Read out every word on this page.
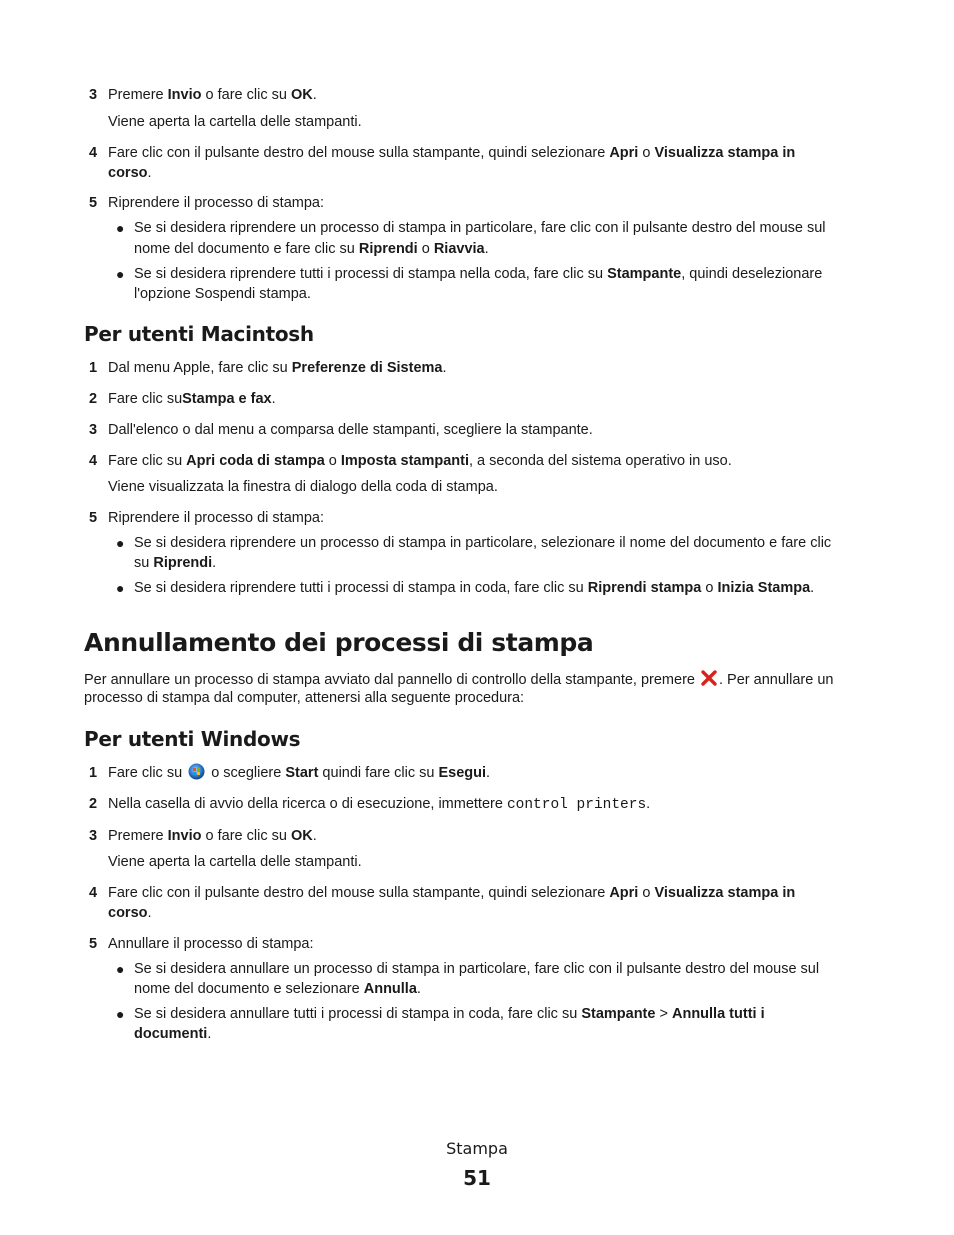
3 Premere Invio o fare clic su OK.
Viene aperta la cartella delle stampanti.
4 Fare clic con il pulsante destro del mouse sulla stampante, quindi selezionare Apri o Visualizza stampa in
corso.
5 Riprendere il processo di stampa:
● Se si desidera riprendere un processo di stampa in particolare, fare clic con il pulsante destro del mouse sul
nome del documento e fare clic su Riprendi o Riavvia.
● Se si desidera riprendere tutti i processi di stampa nella coda, fare clic su Stampante, quindi deselezionare
l'opzione Sospendi stampa.
Per utenti Macintosh
1 Dal menu Apple, fare clic su Preferenze di Sistema.
2 Fare clic suStampa e fax.
3 Dall'elenco o dal menu a comparsa delle stampanti, scegliere la stampante.
4 Fare clic su Apri coda di stampa o Imposta stampanti, a seconda del sistema operativo in uso.
Viene visualizzata la finestra di dialogo della coda di stampa.
5 Riprendere il processo di stampa:
● Se si desidera riprendere un processo di stampa in particolare, selezionare il nome del documento e fare clic
su Riprendi.
● Se si desidera riprendere tutti i processi di stampa in coda, fare clic su Riprendi stampa o Inizia Stampa.
Annullamento dei processi di stampa
Per annullare un processo di stampa avviato dal pannello di controllo della stampante, premere . Per annullare un
processo di stampa dal computer, attenersi alla seguente procedura:
Per utenti Windows
1 Fare clic su  o scegliere Start quindi fare clic su Esegui.
2 Nella casella di avvio della ricerca o di esecuzione, immettere control printers.
3 Premere Invio o fare clic su OK.
Viene aperta la cartella delle stampanti.
4 Fare clic con il pulsante destro del mouse sulla stampante, quindi selezionare Apri o Visualizza stampa in
corso.
5 Annullare il processo di stampa:
● Se si desidera annullare un processo di stampa in particolare, fare clic con il pulsante destro del mouse sul
nome del documento e selezionare Annulla.
● Se si desidera annullare tutti i processi di stampa in coda, fare clic su Stampante > Annulla tutti i
documenti.
Stampa
51
